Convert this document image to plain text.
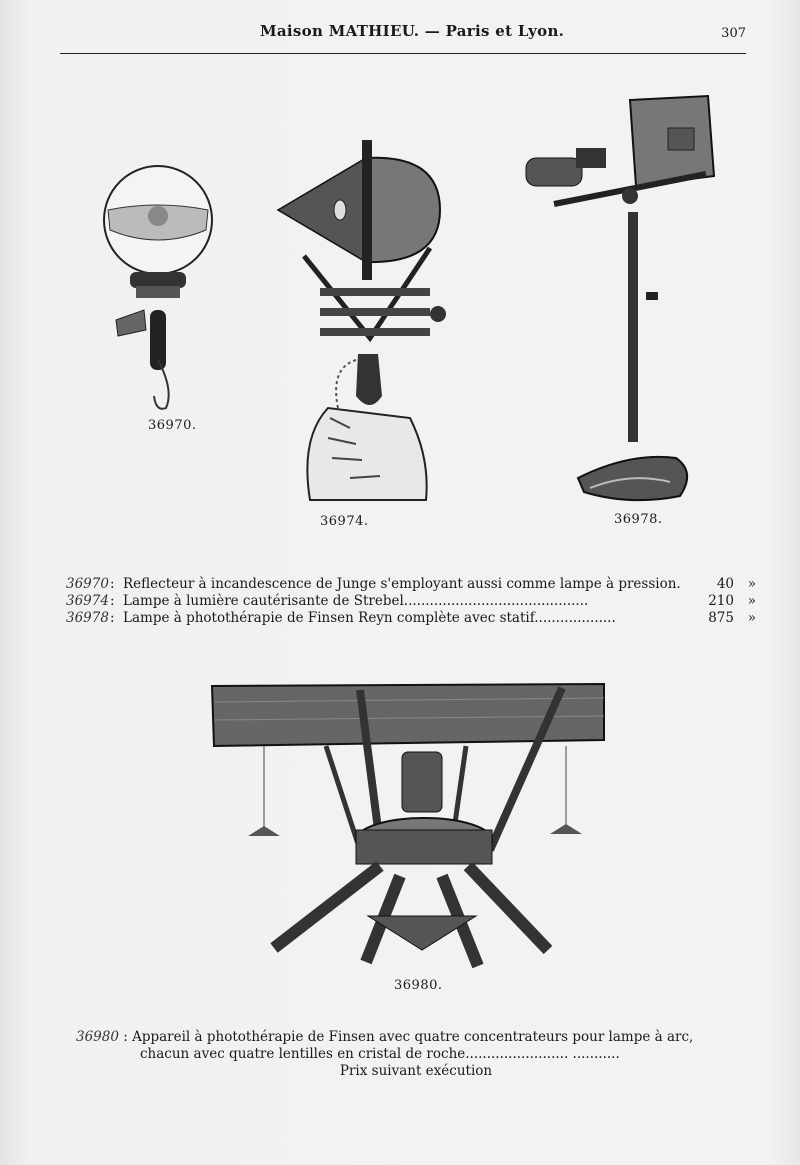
Maison MATHIEU. — Paris et Lyon.	307
36970.
36974.	36978.
36970: Reflecteur à incandescence de Junge s'employant aussi comme lampe à pression.	40 »
36974: Lampe à lumière cautérisante de Strebel...........................................	210 »
36978: Lampe à photothérapie de Finsen Reyn complète avec statif...................	875 »
36980.
36980 : Appareil à photothérapie de Finsen avec quatre concentrateurs pour lampe à arc,
chacun avec quatre lentilles en cristal de roche........................ ...........
Prix suivant exécution
